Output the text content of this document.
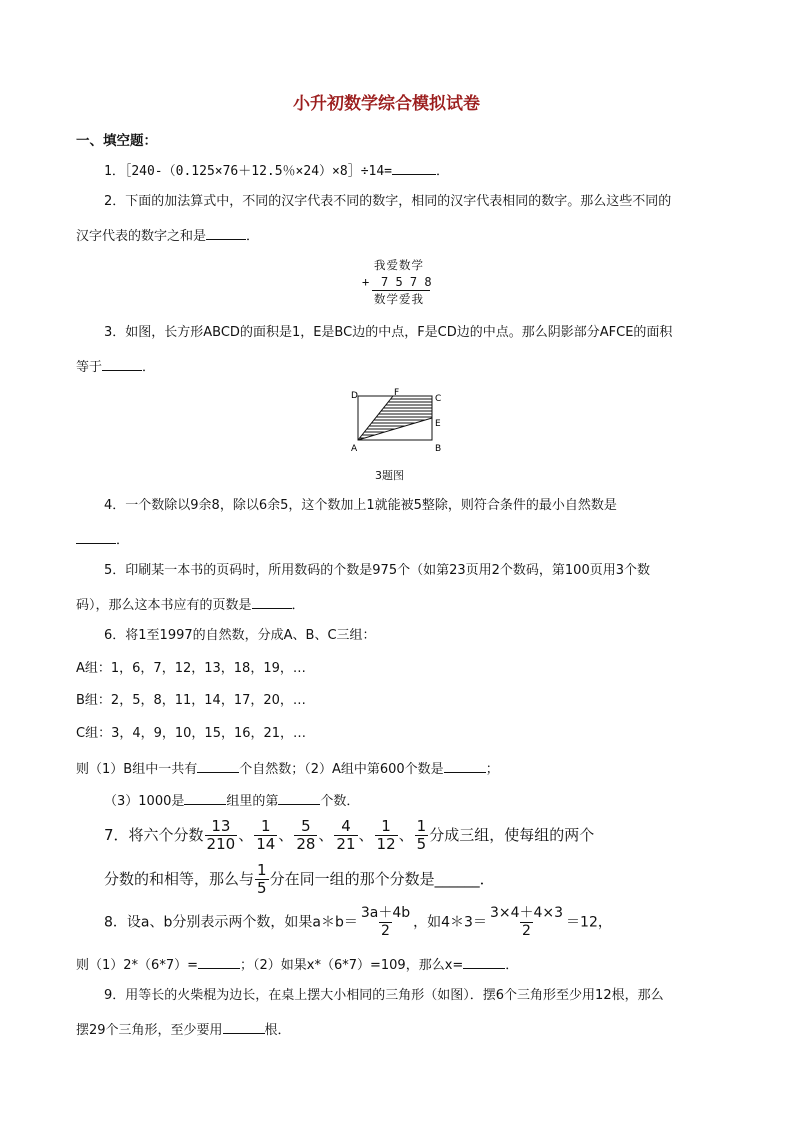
小升初数学综合模拟试卷
一、填空题：
1．［240-（0.125×76＋12.5％×24）×8］÷14=	．
2．下面的加法算式中，不同的汉字代表不同的数字，相同的汉字代表相同的数字。那么这些不同的
汉字代表的数字之和是	．
我爱数学
+ 7 5 7 8
数学爱我
3．如图，长方形ABCD的面积是1，E是BC边的中点，F是CD边的中点。那么阴影部分AFCE的面积
等于	．
D	F
C
E
A	B
3题图
4．一个数除以9余8，除以6余5，这个数加上1就能被5整除，则符合条件的最小自然数是
．
5．印刷某一本书的页码时，所用数码的个数是975个（如第23页用2个数码，第100页用3个数
码），那么这本书应有的页数是	．
6．将1至1997的自然数，分成A、B、C三组：
A组：1，6，7，12，13，18，19，…
B组：2，5，8，11，14，17，20，…
C组：3，4，9，10，15，16，21，…
则（1）B组中一共有	个自然数；（2）A组中第600个数是	；
（3）1000是	组里的第	个数．
7．将六个分数 $\frac{13}{210}$ 、 $\frac{1}{14}$ 、 $\frac{5}{28}$ 、 $\frac{4}{21}$ 、 $\frac{1}{12}$ 、 $\frac{1}{5}$ 分成三组，使每组的两个
分数的和相等，那么与 $\frac{1}{5}$ 分在同一组的那个分数是______．
8．设a、b分别表示两个数，如果a＊b＝ $\frac{3a+4b}{2}$ ，如4＊3＝ $\frac{3\times 4+4\times 3}{2} =12$，
则（1）2*（6*7）=	；（2）如果x*（6*7）=109，那么x=	．
9．用等长的火柴棍为边长，在桌上摆大小相同的三角形（如图）．摆6个三角形至少用12根，那么
摆29个三角形，至少要用	根．
